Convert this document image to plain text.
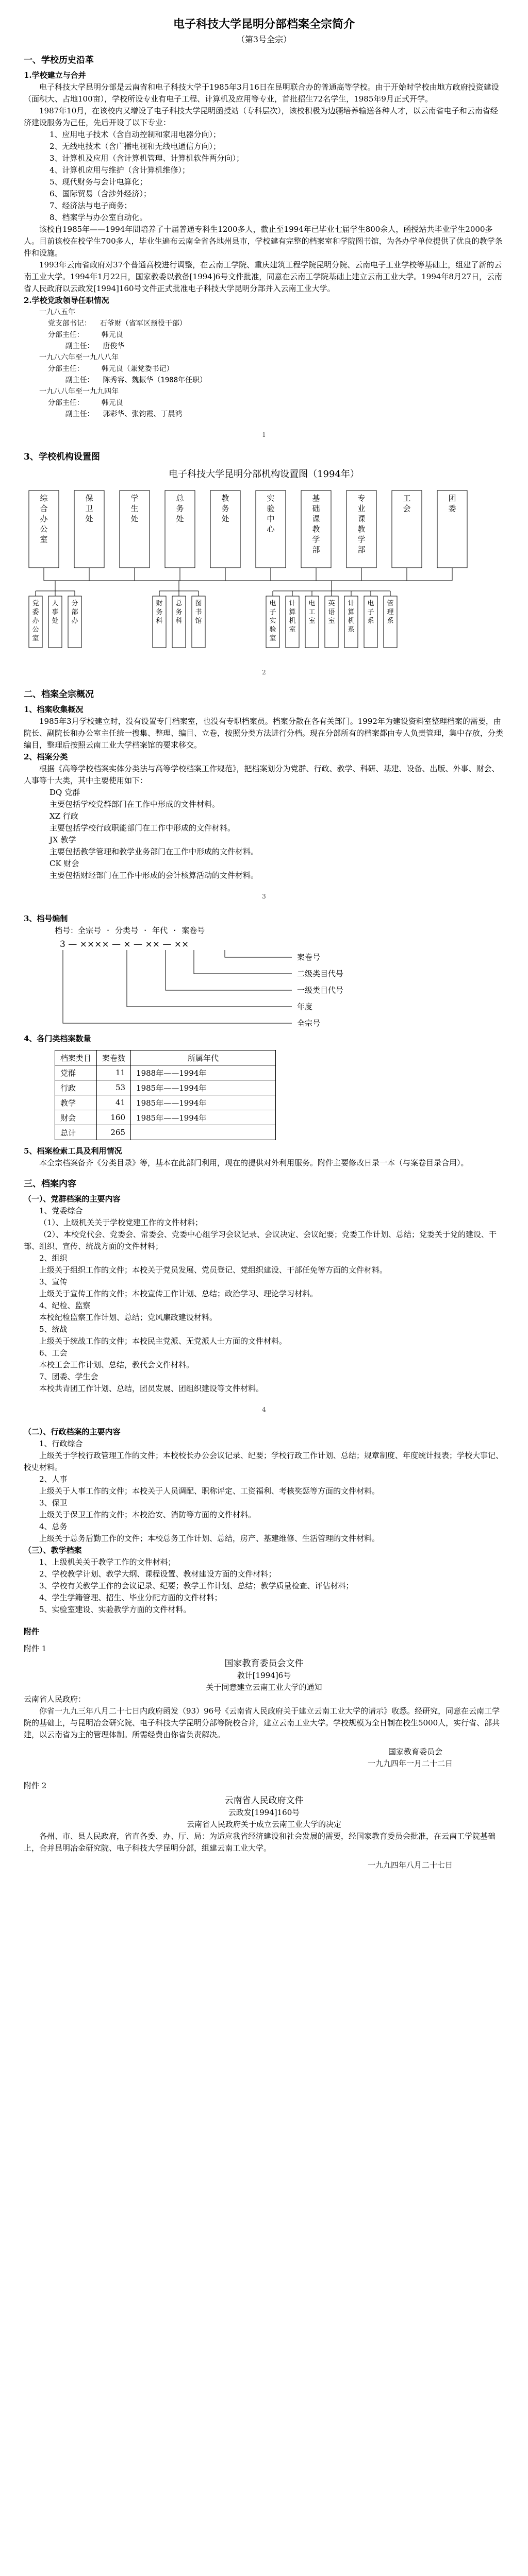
电子科技大学昆明分部档案全宗简介

（第3号全宗）

一、学校历史沿革

1.学校建立与合并

电子科技大学昆明分部是云南省和电子科技大学于1985年3月16日在昆明联合办的普通高等学校。由于开始时学校由地方政府投资建设（面积大、占地100亩），学校所设专业有电子工程、计算机及应用等专业，首批招生72名学生，1985年9月正式开学。

1987年10月，在该校内又增设了电子科技大学昆明函授站（专科层次），该校积极为边疆培养输送各种人才，以云南省电子和云南省经济建设服务为己任，先后开设了以下专业：

1、应用电子技术（含自动控制和家用电器分向）；

2、无线电技术（含广播电视和无线电通信方向）；

3、计算机及应用（含计算机管理、计算机软件两分向）；

4、计算机应用与维护（含计算机维修）；

5、现代财务与会计电算化；

6、国际贸易（含涉外经济）；

7、经济法与电子商务；

8、档案学与办公室自动化。

该校自1985年——1994年間培养了十届普通专科生1200多人，截止至1994年已毕业七届学生800余人，函授站共毕业学生2000多人。目前该校在校学生700多人，毕业生遍布云南全省各地州县市，学校建有完整的档案室和学院图书馆，为各办学单位提供了优良的教学条件和设施。

1993年云南省政府对37个普通高校进行调整，在云南工学院、重庆建筑工程学院昆明分院、云南电子工业学校等基础上，组建了新的云南工业大学。1994年1月22日，国家教委以教备[1994]6号文件批准，同意在云南工学院基础上建立云南工业大学。1994年8月27日，云南省人民政府以云政发[1994]160号文件正式批准电子科技大学昆明分部并入云南工业大学。

2.学校党政领导任职情况

一九八五年

党支部书记：  石爷财（省军区预役干部）

分部主任：    韩元良

副主任：  唐俊华

一九八六年至一九八八年

分部主任：    韩元良（兼党委书记）

副主任：  陈秀容、魏振华（1988年任职）

一九八八年至一九九四年

分部主任：    韩元良

副主任：  郭彩华、张钧霞、丁晨鸿

1

3、学校机构设置图

电子科技大学昆明分部机构设置图（1994年）

综
合
办
公
室
保
卫
处
学
生
处
总
务
处
教
务
处
实
验
中
心
基
础
课
教
学
部
专
业
课
教
学
部
工
会
团
委
党
委
办
公
室
人
事
处
分
部
办
财
务
科
总
务
科
图
书
馆
电
子
实
验
室
计
算
机
室
电
工
室
英
语
室
计
算
机
系
电
子
系
管
理
系

2

二、档案全宗概况

1、档案收集概况

1985年3月学校建立时，没有设置专门档案室，也没有专职档案员。档案分散在各有关部门。1992年为建设资料室整理档案的需要，由院长、副院长和办公室主任统一搜集、整理、编目、立卷，按照分类方法进行分档。现在分部所有的档案都由专人负责管理，集中存放，分类编目，整理后按照云南工业大学档案馆的要求移交。

2、档案分类

根据《高等学校档案实体分类法与高等学校档案工作规范》，把档案划分为党群、行政、教学、科研、基建、设备、出版、外事、财会、人事等十大类，其中主要使用如下：

DQ 党群

主要包括学校党群部门在工作中形成的文件材料。

XZ 行政

主要包括学校行政职能部门在工作中形成的文件材料。

JX 教学

主要包括教学管理和教学业务部门在工作中形成的文件材料。

CK 财会

主要包括财经部门在工作中形成的会计核算活动的文件材料。

3

3、档号编制

档号：全宗号 · 分类号 · 年代 · 案卷号

3 — ×××× — × — ×× — ××
案卷号
二级类目代号
一级类目代号
年度
全宗号

4、各门类档案数量

档案类目	案卷数	所属年代
党群	11	1988年——1994年
行政	53	1985年——1994年
教学	41	1985年——1994年
财会	160	1985年——1994年
总计	265	

5、档案检索工具及利用情况

本全宗档案备齐《分类目录》等，基本在此部门利用，现在的提供对外利用服务。附件主要修改日录一本（与案卷目录合用）。

三、档案内容

（一）、党群档案的主要内容

1、党委综合

（1）、上级机关关于学校党建工作的文件材料；

（2）、本校党代会、党委会、常委会、党委中心组学习会议记录、会议决定、会议纪要；党委工作计划、总结；党委关于党的建设、干部、组织、宣传、统战方面的文件材料；

2、组织

上级关于组织工作的文件；本校关于党员发展、党员登记、党组织建设、干部任免等方面的文件材料。

3、宣传

上级关于宣传工作的文件；本校宣传工作计划、总结；政治学习、理论学习材料。

4、纪检、监察

本校纪检监察工作计划、总结；党风廉政建设材料。

5、统战

上级关于统战工作的文件；本校民主党派、无党派人士方面的文件材料。

6、工会

本校工会工作计划、总结，教代会文件材料。

7、团委、学生会

本校共青团工作计划、总结，团员发展、团组织建设等文件材料。

4

（二）、行政档案的主要内容

1、行政综合

上级关于学校行政管理工作的文件；本校校长办公会议记录、纪要；学校行政工作计划、总结；规章制度、年度统计报表；学校大事记、校史材料。

2、人事

上级关于人事工作的文件；本校关于人员调配、职称评定、工资福利、考核奖惩等方面的文件材料。

3、保卫

上级关于保卫工作的文件；本校治安、消防等方面的文件材料。

4、总务

上级关于总务后勤工作的文件；本校总务工作计划、总结，房产、基建维修、生活管理的文件材料。

（三）、教学档案

1、上级机关关于教学工作的文件材料；

2、学校教学计划、教学大纲、课程设置、教材建设方面的文件材料；

3、学校有关教学工作的会议记录、纪要；教学工作计划、总结；教学质量检查、评估材料；

4、学生学籍管理、招生、毕业分配方面的文件材料；

5、实验室建设、实验教学方面的文件材料。

附件

附件 1

国家教育委员会文件

教计[1994]6号

关于同意建立云南工业大学的通知

云南省人民政府：

你省一九九三年八月二十七日内政府函发（93）96号《云南省人民政府关于建立云南工业大学的请示》收悉。经研究，同意在云南工学院的基础上，与昆明冶金研究院、电子科技大学昆明分部等院校合并，建立云南工业大学。学校规模为全日制在校生5000人，实行省、部共建，以云南省为主的管理体制。所需经费由你省负责解决。

国家教育委员会

一九九四年一月二十二日

附件 2

云南省人民政府文件

云政发[1994]160号

云南省人民政府关于成立云南工业大学的决定

各州、市、县人民政府，省直各委、办、厅、局：为适应我省经济建设和社会发展的需要，经国家教育委员会批准，在云南工学院基础上，合并昆明冶金研究院、电子科技大学昆明分部，组建云南工业大学。

一九九四年八月二十七日
